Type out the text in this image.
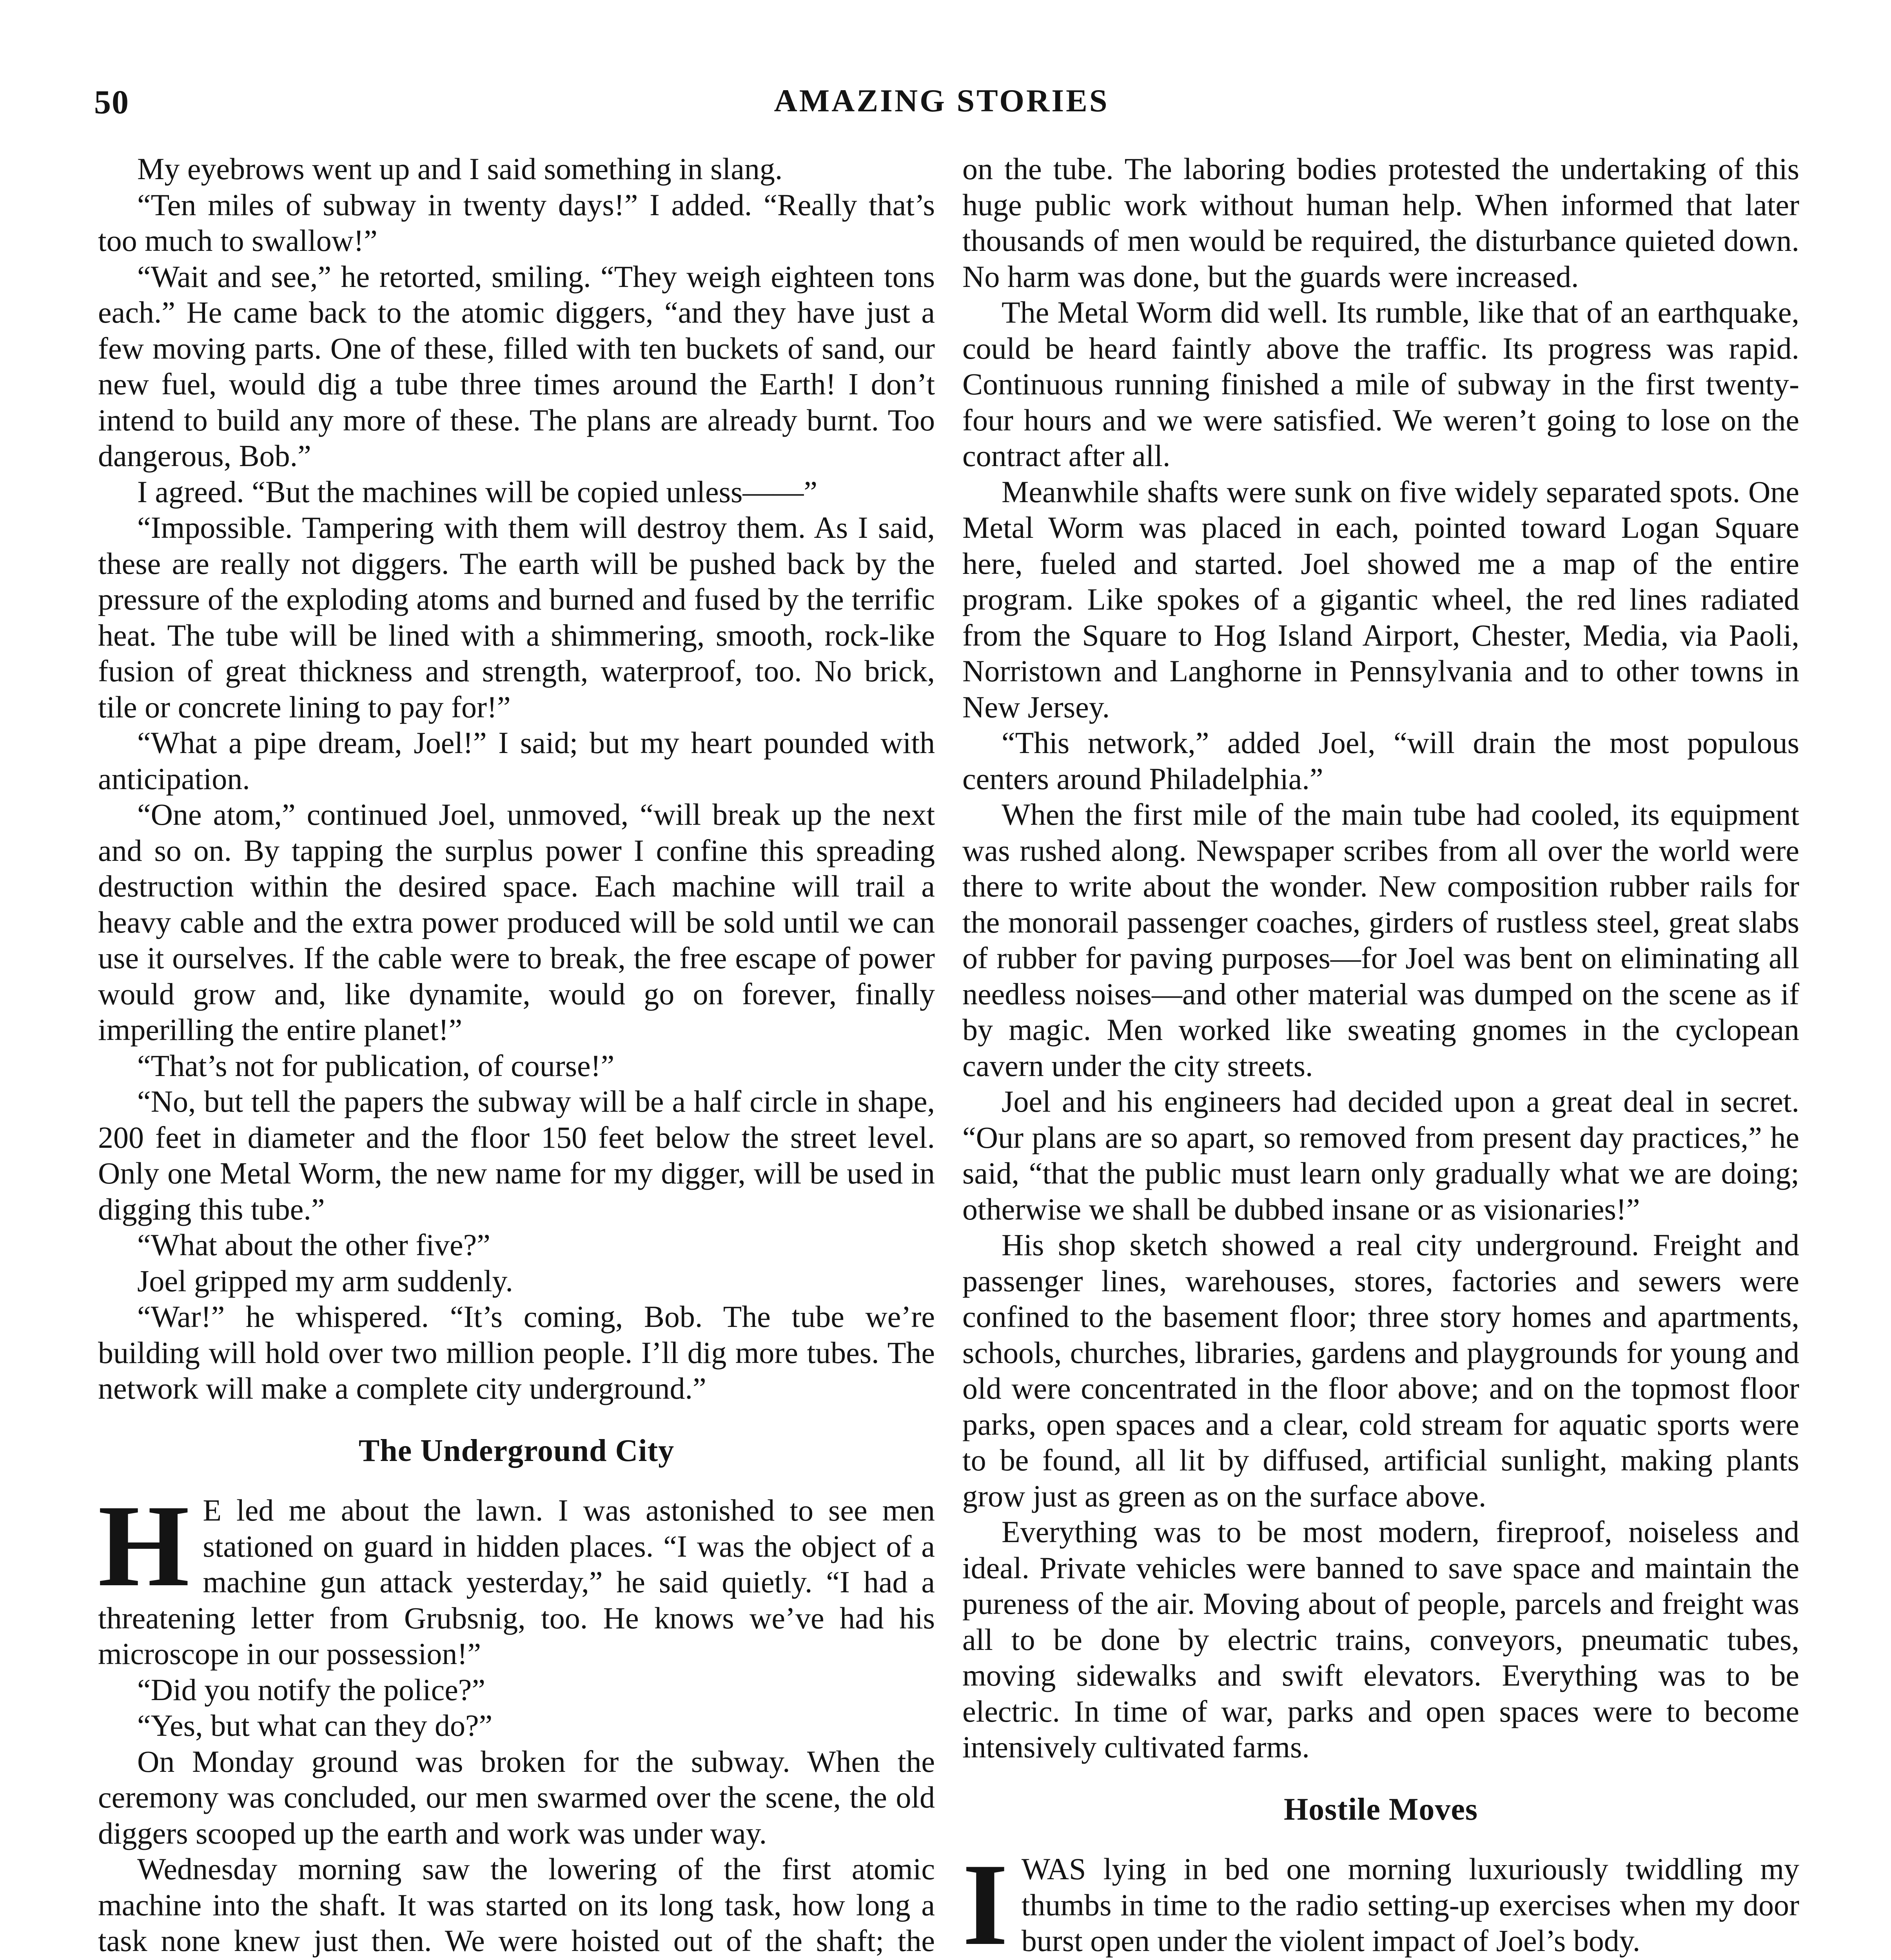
50	AMAZING STORIES

My eyebrows went up and I said something in slang.

“Ten miles of subway in twenty days!” I added. “Really that’s too much to swallow!”

“Wait and see,” he retorted, smiling. “They weigh eighteen tons each.” He came back to the atomic diggers, “and they have just a few moving parts. One of these, filled with ten buckets of sand, our new fuel, would dig a tube three times around the Earth! I don’t intend to build any more of these. The plans are already burnt. Too dangerous, Bob.”

I agreed. “But the machines will be copied unless——”

“Impossible. Tampering with them will destroy them. As I said, these are really not diggers. The earth will be pushed back by the pressure of the exploding atoms and burned and fused by the terrific heat. The tube will be lined with a shimmering, smooth, rock-like fusion of great thickness and strength, waterproof, too. No brick, tile or concrete lining to pay for!”

“What a pipe dream, Joel!” I said; but my heart pounded with anticipation.

“One atom,” continued Joel, unmoved, “will break up the next and so on. By tapping the surplus power I confine this spreading destruction within the desired space. Each machine will trail a heavy cable and the extra power produced will be sold until we can use it ourselves. If the cable were to break, the free escape of power would grow and, like dynamite, would go on forever, finally imperilling the entire planet!”

“That’s not for publication, of course!”

“No, but tell the papers the subway will be a half circle in shape, 200 feet in diameter and the floor 150 feet below the street level. Only one Metal Worm, the new name for my digger, will be used in digging this tube.”

“What about the other five?”

Joel gripped my arm suddenly.

“War!” he whispered. “It’s coming, Bob. The tube we’re building will hold over two million people. I’ll dig more tubes. The network will make a complete city underground.”

The Underground City

H E led me about the lawn. I was astonished to see men stationed on guard in hidden places. “I was the object of a machine gun attack yesterday,” he said quietly. “I had a threatening letter from Grubsnig, too. He knows we’ve had his microscope in our possession!”

“Did you notify the police?”

“Yes, but what can they do?”

On Monday ground was broken for the subway. When the ceremony was concluded, our men swarmed over the scene, the old diggers scooped up the earth and work was under way.

Wednesday morning saw the lowering of the first atomic machine into the shaft. It was started on its long task, how long a task none knew just then. We were hoisted out of the shaft; the

on the tube. The laboring bodies protested the undertaking of this huge public work without human help. When informed that later thousands of men would be required, the disturbance quieted down. No harm was done, but the guards were increased.

The Metal Worm did well. Its rumble, like that of an earthquake, could be heard faintly above the traffic. Its progress was rapid. Continuous running finished a mile of subway in the first twenty-four hours and we were satisfied. We weren’t going to lose on the contract after all.

Meanwhile shafts were sunk on five widely separated spots. One Metal Worm was placed in each, pointed toward Logan Square here, fueled and started. Joel showed me a map of the entire program. Like spokes of a gigantic wheel, the red lines radiated from the Square to Hog Island Airport, Chester, Media, via Paoli, Norristown and Langhorne in Pennsylvania and to other towns in New Jersey.

“This network,” added Joel, “will drain the most populous centers around Philadelphia.”

When the first mile of the main tube had cooled, its equipment was rushed along. Newspaper scribes from all over the world were there to write about the wonder. New composition rubber rails for the monorail passenger coaches, girders of rustless steel, great slabs of rubber for paving purposes—for Joel was bent on eliminating all needless noises—and other material was dumped on the scene as if by magic. Men worked like sweating gnomes in the cyclopean cavern under the city streets.

Joel and his engineers had decided upon a great deal in secret. “Our plans are so apart, so removed from present day practices,” he said, “that the public must learn only gradually what we are doing; otherwise we shall be dubbed insane or as visionaries!”

His shop sketch showed a real city underground. Freight and passenger lines, warehouses, stores, factories and sewers were confined to the basement floor; three story homes and apartments, schools, churches, libraries, gardens and playgrounds for young and old were concentrated in the floor above; and on the topmost floor parks, open spaces and a clear, cold stream for aquatic sports were to be found, all lit by diffused, artificial sunlight, making plants grow just as green as on the surface above.

Everything was to be most modern, fireproof, noiseless and ideal. Private vehicles were banned to save space and maintain the pureness of the air. Moving about of people, parcels and freight was all to be done by electric trains, conveyors, pneumatic tubes, moving sidewalks and swift elevators. Everything was to be electric. In time of war, parks and open spaces were to become intensively cultivated farms.

Hostile Moves

IWAS lying in bed one morning luxuriously twiddling my thumbs in time to the radio setting-up exercises when my door burst open under the violent impact of Joel’s body.
